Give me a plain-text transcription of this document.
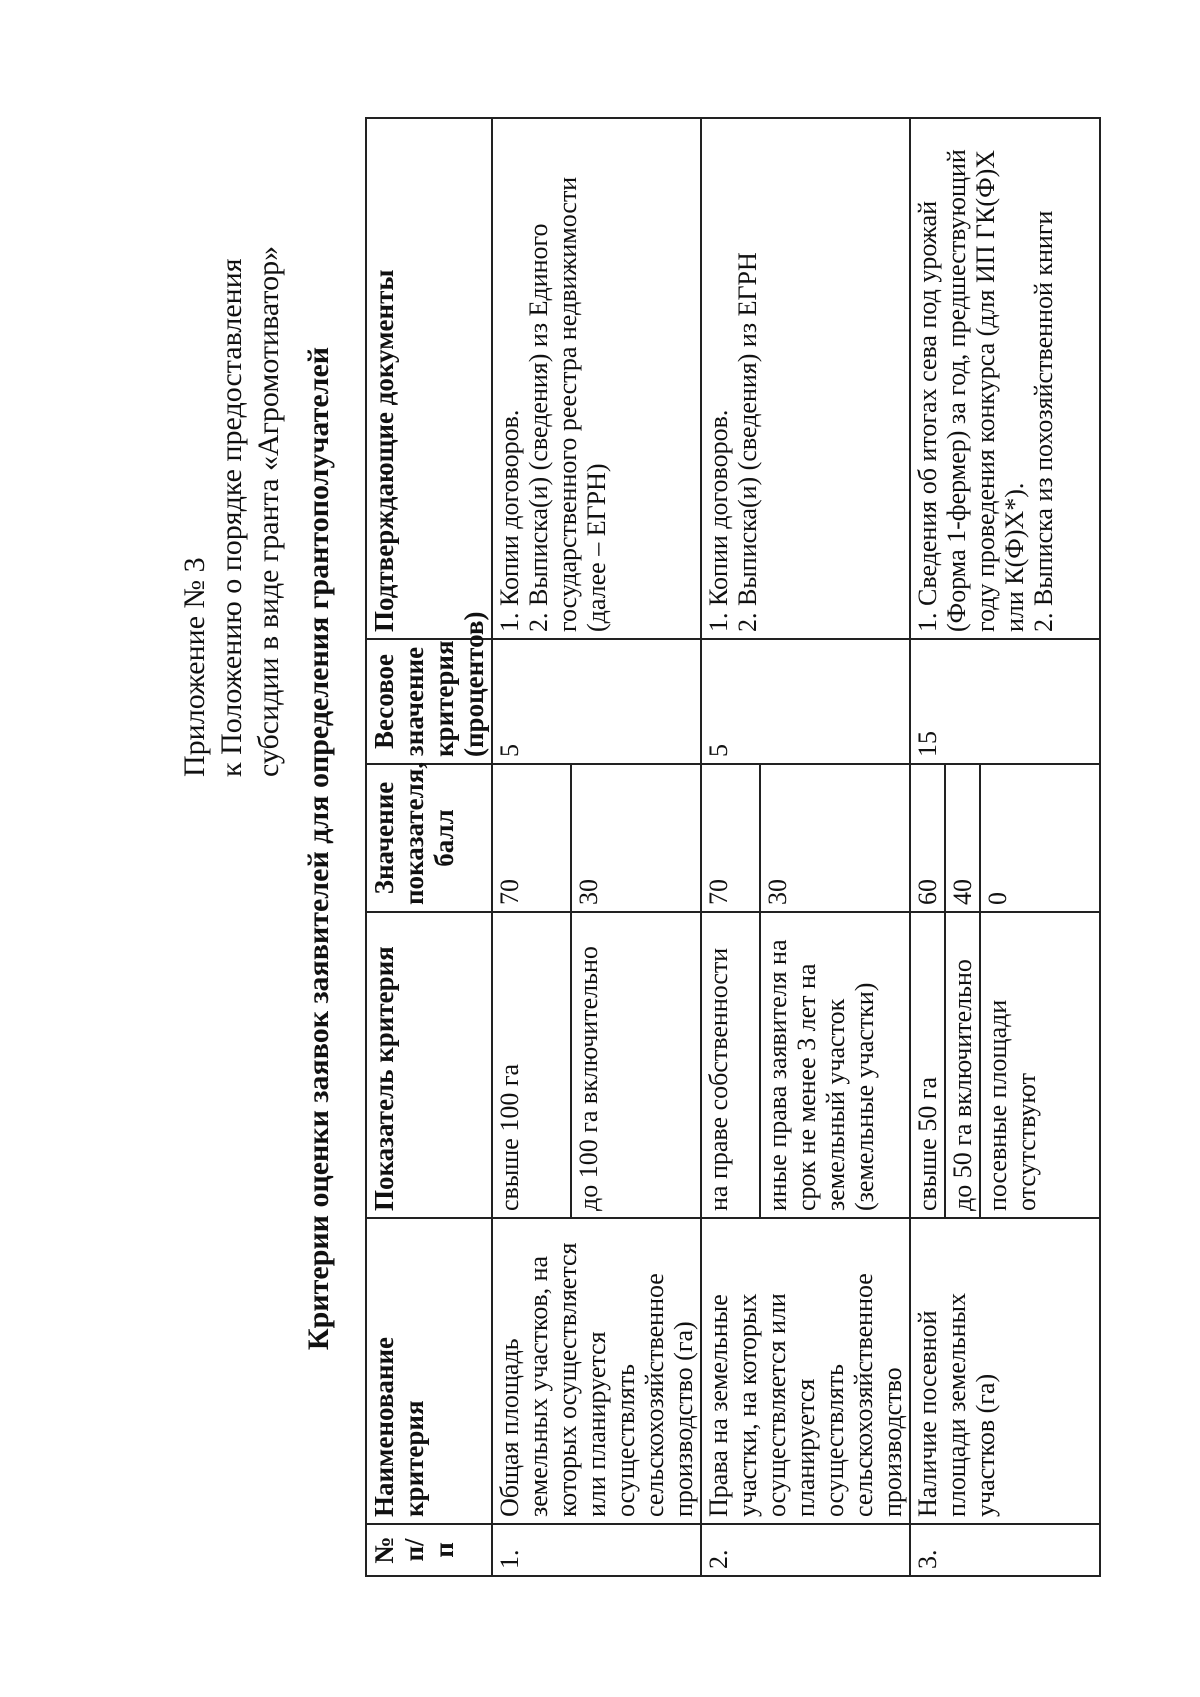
Приложение № 3 к Положению о порядке предоставления субсидии в виде гранта «Агромотиватор» Критерии оценки заявок заявителей для определения грантополучателей
№ п/п	Наименование критерия	Показатель критерия	Значение показателя, балл	Весовое значение критерия (процентов)	Подтверждающие документы
1.	Общая площадь земельных участков, на которых осуществляется или планируется осуществлять сельскохозяйственное производство (га)	свыше 100 га	70	5	1. Копии договоров. 2. Выписка(и) (сведения) из Единого государственного реестра недвижимости (далее – ЕГРН)

		до 100 га включительно	30		
2.	Права на земельные участки, на которых осуществляется или планируется осуществлять сельскохозяйственное производство	на праве собственности	70	5	1. Копии договоров. 2. Выписка(и) (сведения) из ЕГРН

		иные права заявителя на срок не менее 3 лет на земельный участок (земельные участки)	30		
3.	Наличие посевной площади земельных участков (га)	свыше 50 га	60	15	1. Сведения об итогах сева под урожай (Форма 1-фермер) за год, предшествующий году проведения конкурса (для ИП ГК(Ф)Х или К(Ф)Х*). 2. Выписка из похозяйственной книги

		до 50 га включительно	40		
		посевные площади отсутствуют	0		
